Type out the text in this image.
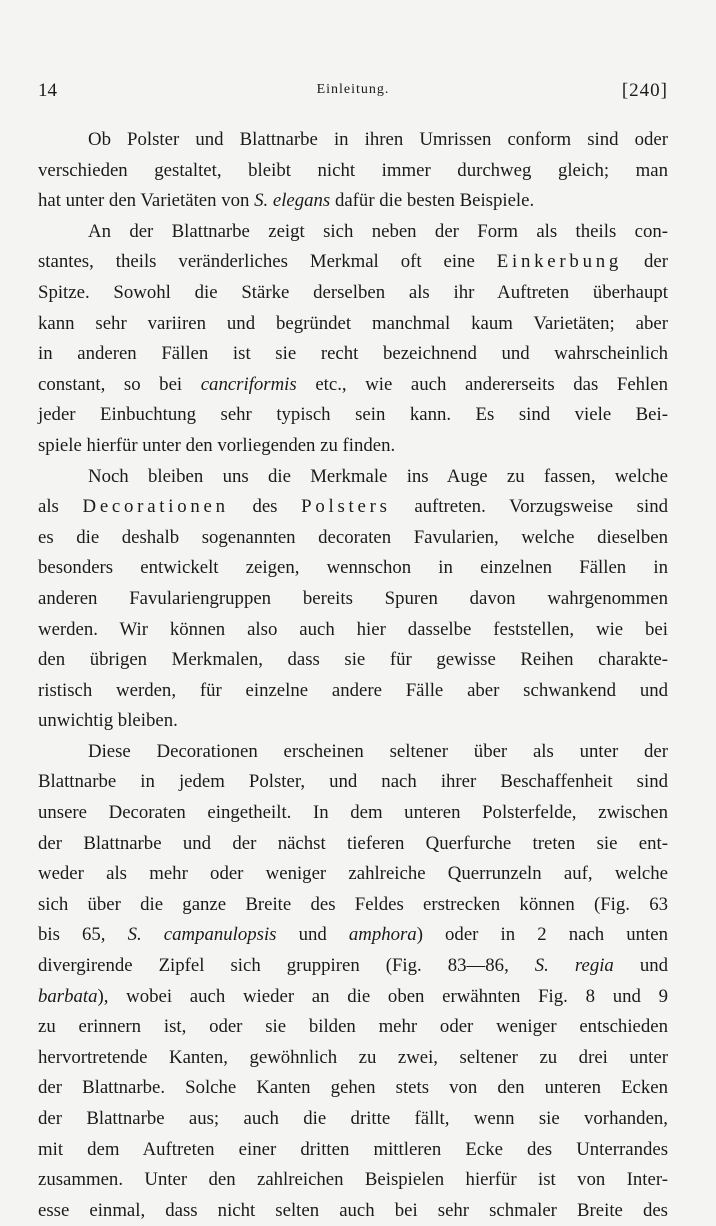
14	Einleitung.	[240]
Ob Polster und Blattnarbe in ihren Umrissen conform sind oder
verschieden gestaltet, bleibt nicht immer durchweg gleich; man
hat unter den Varietäten von S. elegans dafür die besten Beispiele.
An der Blattnarbe zeigt sich neben der Form als theils con-
stantes, theils veränderliches Merkmal oft eine Einkerbung der
Spitze. Sowohl die Stärke derselben als ihr Auftreten überhaupt
kann sehr variiren und begründet manchmal kaum Varietäten; aber
in anderen Fällen ist sie recht bezeichnend und wahrscheinlich
constant, so bei cancriformis etc., wie auch andererseits das Fehlen
jeder Einbuchtung sehr typisch sein kann. Es sind viele Bei-
spiele hierfür unter den vorliegenden zu finden.
Noch bleiben uns die Merkmale ins Auge zu fassen, welche
als Decorationen des Polsters auftreten. Vorzugsweise sind
es die deshalb sogenannten decoraten Favularien, welche dieselben
besonders entwickelt zeigen, wennschon in einzelnen Fällen in
anderen Favulariengruppen bereits Spuren davon wahrgenommen
werden. Wir können also auch hier dasselbe feststellen, wie bei
den übrigen Merkmalen, dass sie für gewisse Reihen charakte-
ristisch werden, für einzelne andere Fälle aber schwankend und
unwichtig bleiben.
Diese Decorationen erscheinen seltener über als unter der
Blattnarbe in jedem Polster, und nach ihrer Beschaffenheit sind
unsere Decoraten eingetheilt. In dem unteren Polsterfelde, zwischen
der Blattnarbe und der nächst tieferen Querfurche treten sie ent-
weder als mehr oder weniger zahlreiche Querrunzeln auf, welche
sich über die ganze Breite des Feldes erstrecken können (Fig. 63
bis 65, S. campanulopsis und amphora) oder in 2 nach unten
divergirende Zipfel sich gruppiren (Fig. 83—86, S. regia und
barbata), wobei auch wieder an die oben erwähnten Fig. 8 und 9
zu erinnern ist, oder sie bilden mehr oder weniger entschieden
hervortretende Kanten, gewöhnlich zu zwei, seltener zu drei unter
der Blattnarbe. Solche Kanten gehen stets von den unteren Ecken
der Blattnarbe aus; auch die dritte fällt, wenn sie vorhanden,
mit dem Auftreten einer dritten mittleren Ecke des Unterrandes
zusammen. Unter den zahlreichen Beispielen hierfür ist von Inter-
esse einmal, dass nicht selten auch bei sehr schmaler Breite des
